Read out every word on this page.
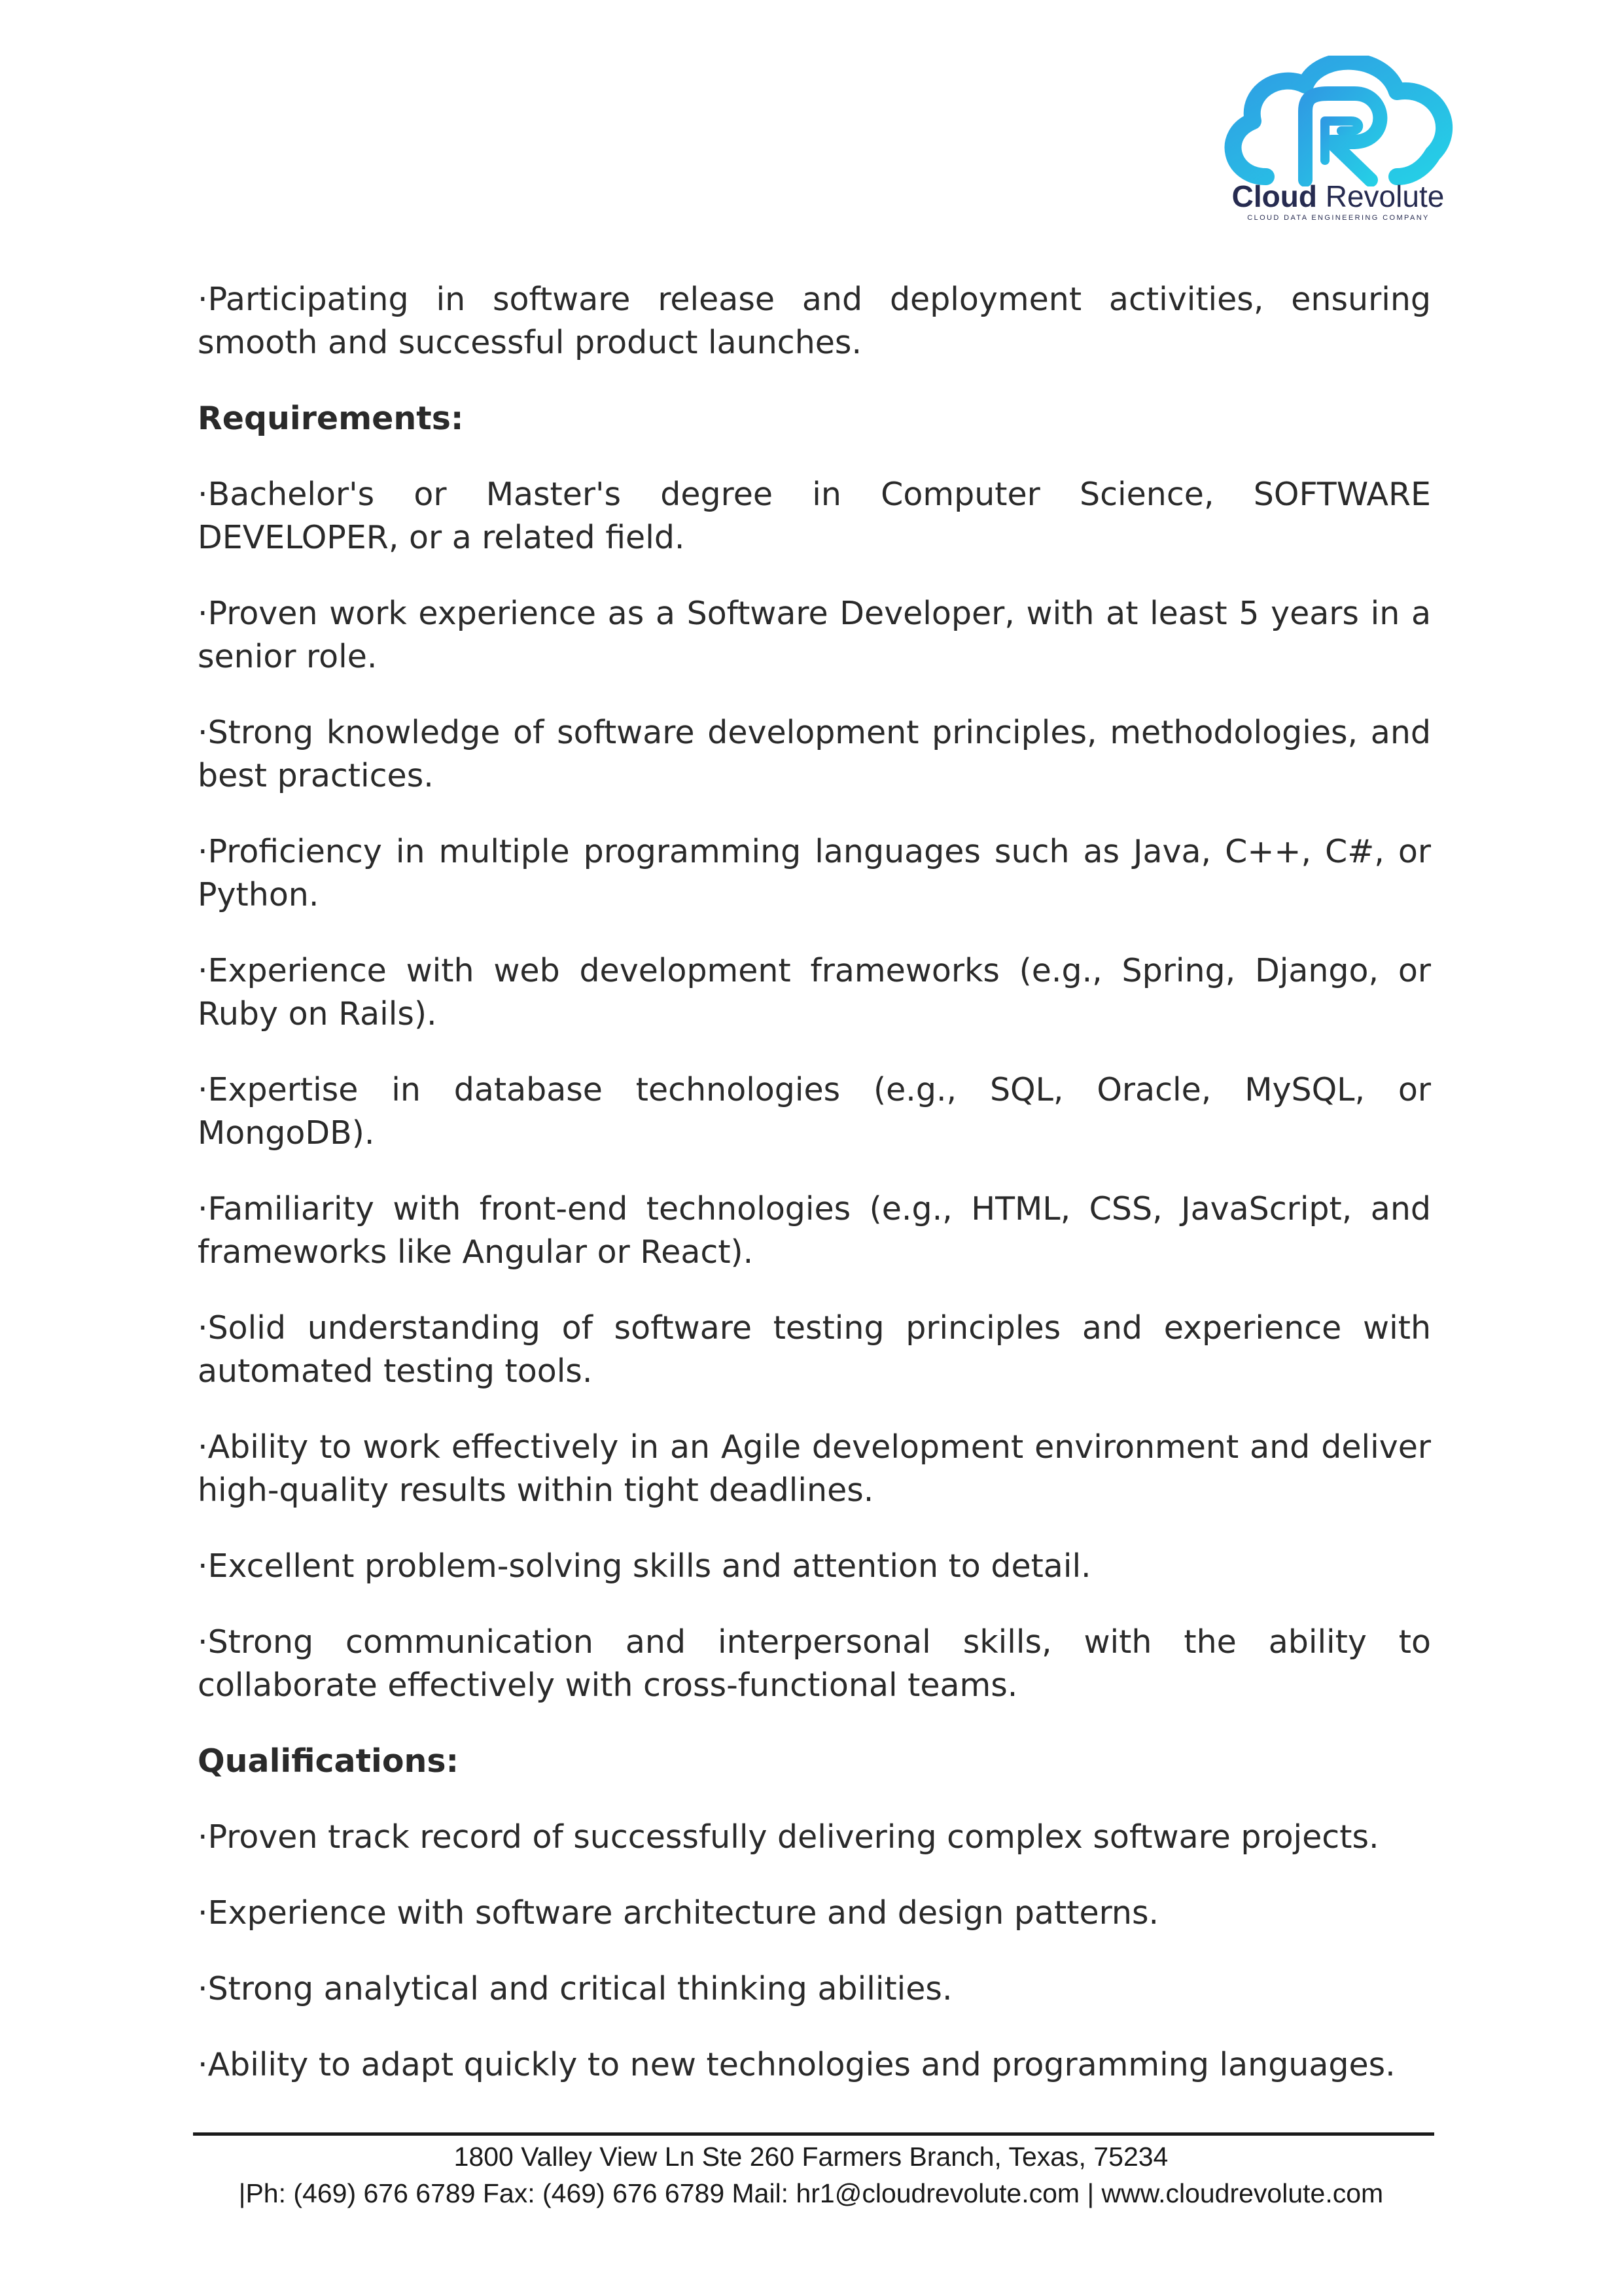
Cloud Revolute
CLOUD DATA ENGINEERING COMPANY

·Participating in software release and deployment activities, ensuring smooth and successful product launches.

Requirements:

·Bachelor's or Master's degree in Computer Science, SOFTWARE DEVELOPER, or a related field.

·Proven work experience as a Software Developer, with at least 5 years in a senior role.

·Strong knowledge of software development principles, methodologies, and best practices.

·Proficiency in multiple programming languages such as Java, C++, C#, or Python.

·Experience with web development frameworks (e.g., Spring, Django, or Ruby on Rails).

·Expertise in database technologies (e.g., SQL, Oracle, MySQL, or MongoDB).

·Familiarity with front-end technologies (e.g., HTML, CSS, JavaScript, and frameworks like Angular or React).

·Solid understanding of software testing principles and experience with automated testing tools.

·Ability to work effectively in an Agile development environment and deliver high-quality results within tight deadlines.

·Excellent problem-solving skills and attention to detail.

·Strong communication and interpersonal skills, with the ability to collaborate effectively with cross-functional teams.

Qualifications:

·Proven track record of successfully delivering complex software projects.

·Experience with software architecture and design patterns.

·Strong analytical and critical thinking abilities.

·Ability to adapt quickly to new technologies and programming languages.

1800 Valley View Ln Ste 260 Farmers Branch, Texas, 75234
|Ph: (469) 676 6789 Fax: (469) 676 6789 Mail: hr1@cloudrevolute.com | www.cloudrevolute.com
